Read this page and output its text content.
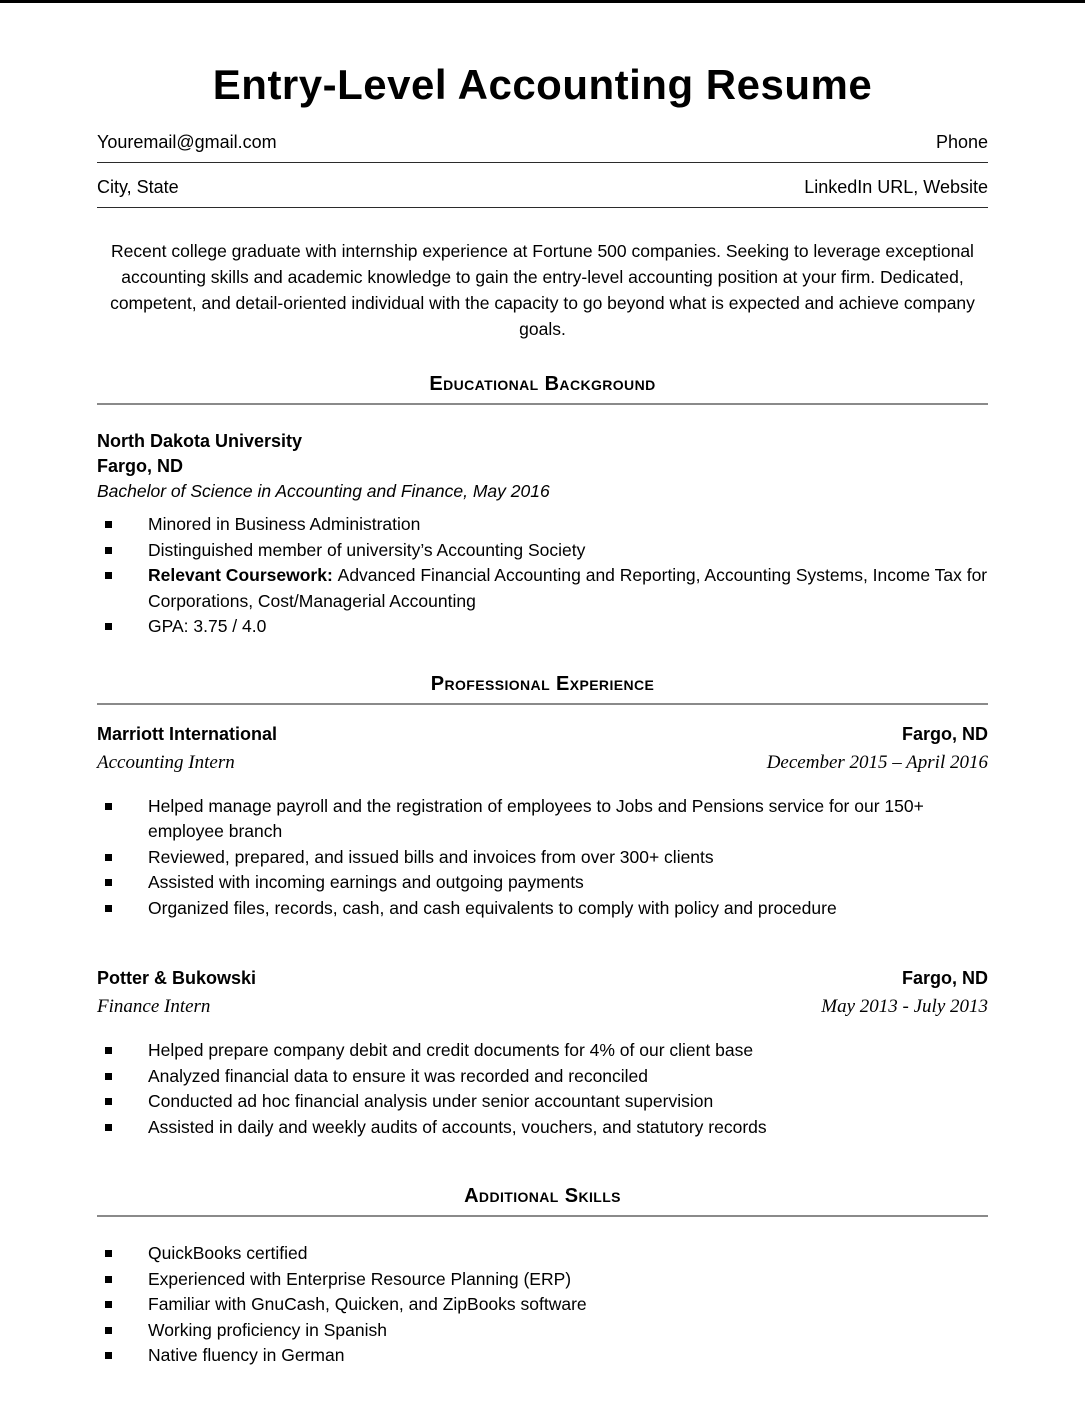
Entry-Level Accounting Resume
Youremail@gmail.com	Phone
City, State	LinkedIn URL, Website

Recent college graduate with internship experience at Fortune 500 companies. Seeking to leverage exceptional accounting skills and academic knowledge to gain the entry-level accounting position at your firm. Dedicated, competent, and detail-oriented individual with the capacity to go beyond what is expected and achieve company goals.

Educational Background
North Dakota University
Fargo, ND
Bachelor of Science in Accounting and Finance, May 2016
Minored in Business Administration
Distinguished member of university’s Accounting Society
Relevant Coursework: Advanced Financial Accounting and Reporting, Accounting Systems, Income Tax for Corporations, Cost/Managerial Accounting
GPA: 3.75 / 4.0
Professional Experience
Marriott International	Fargo, ND
Accounting Intern	December 2015 – April 2016
Helped manage payroll and the registration of employees to Jobs and Pensions service for our 150+ employee branch
Reviewed, prepared, and issued bills and invoices from over 300+ clients
Assisted with incoming earnings and outgoing payments
Organized files, records, cash, and cash equivalents to comply with policy and procedure
Potter & Bukowski	Fargo, ND
Finance Intern	May 2013 - July 2013
Helped prepare company debit and credit documents for 4% of our client base
Analyzed financial data to ensure it was recorded and reconciled
Conducted ad hoc financial analysis under senior accountant supervision
Assisted in daily and weekly audits of accounts, vouchers, and statutory records
Additional Skills
QuickBooks certified
Experienced with Enterprise Resource Planning (ERP)
Familiar with GnuCash, Quicken, and ZipBooks software
Working proficiency in Spanish
Native fluency in German
